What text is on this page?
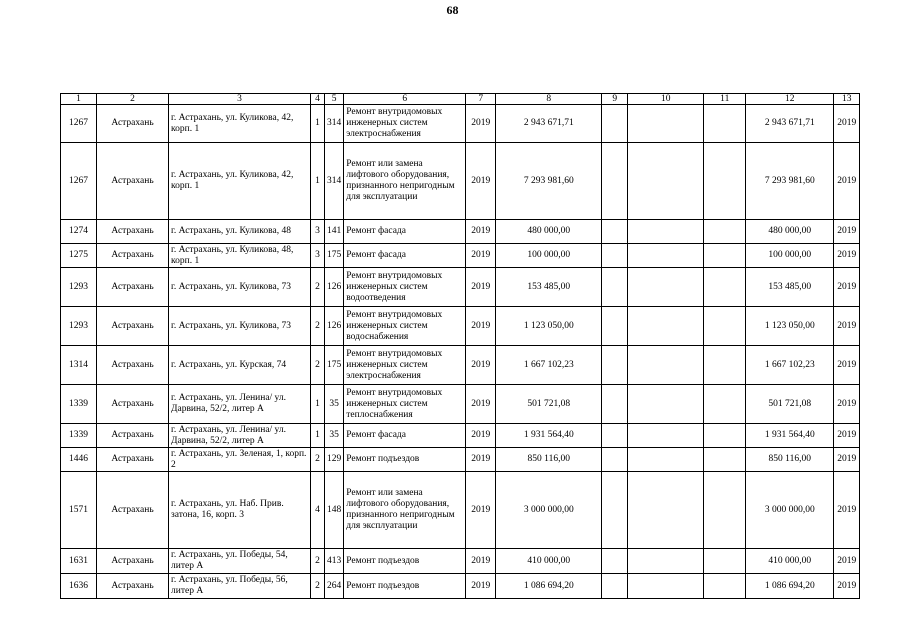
68
1	2	3	4	5	6	7	8	9	10	11	12	13
1267	Астрахань	г. Астрахань, ул. Куликова, 42, корп. 1	1	314	Ремонт внутридомовых инженерных систем электроснабжения	2019	2 943 671,71				2 943 671,71	2019
1267	Астрахань	г. Астрахань, ул. Куликова, 42, корп. 1	1	314	Ремонт или замена лифтового оборудования, признанного непригодным для эксплуатации	2019	7 293 981,60				7 293 981,60	2019
1274	Астрахань	г. Астрахань, ул. Куликова, 48	3	141	Ремонт фасада	2019	480 000,00				480 000,00	2019
1275	Астрахань	г. Астрахань, ул. Куликова, 48, корп. 1	3	175	Ремонт фасада	2019	100 000,00				100 000,00	2019
1293	Астрахань	г. Астрахань, ул. Куликова, 73	2	126	Ремонт внутридомовых инженерных систем водоотведения	2019	153 485,00				153 485,00	2019
1293	Астрахань	г. Астрахань, ул. Куликова, 73	2	126	Ремонт внутридомовых инженерных систем водоснабжения	2019	1 123 050,00				1 123 050,00	2019
1314	Астрахань	г. Астрахань, ул. Курская, 74	2	175	Ремонт внутридомовых инженерных систем электроснабжения	2019	1 667 102,23				1 667 102,23	2019
1339	Астрахань	г. Астрахань, ул. Ленина/ ул. Дарвина, 52/2, литер А	1	35	Ремонт внутридомовых инженерных систем теплоснабжения	2019	501 721,08				501 721,08	2019
1339	Астрахань	г. Астрахань, ул. Ленина/ ул. Дарвина, 52/2, литер А	1	35	Ремонт фасада	2019	1 931 564,40				1 931 564,40	2019
1446	Астрахань	г. Астрахань, ул. Зеленая, 1, корп. 2	2	129	Ремонт подъездов	2019	850 116,00				850 116,00	2019
1571	Астрахань	г. Астрахань, ул. Наб. Прив. затона, 16, корп. 3	4	148	Ремонт или замена лифтового оборудования, признанного непригодным для эксплуатации	2019	3 000 000,00				3 000 000,00	2019
1631	Астрахань	г. Астрахань, ул. Победы, 54, литер А	2	413	Ремонт подъездов	2019	410 000,00				410 000,00	2019
1636	Астрахань	г. Астрахань, ул. Победы, 56, литер А	2	264	Ремонт подъездов	2019	1 086 694,20				1 086 694,20	2019
